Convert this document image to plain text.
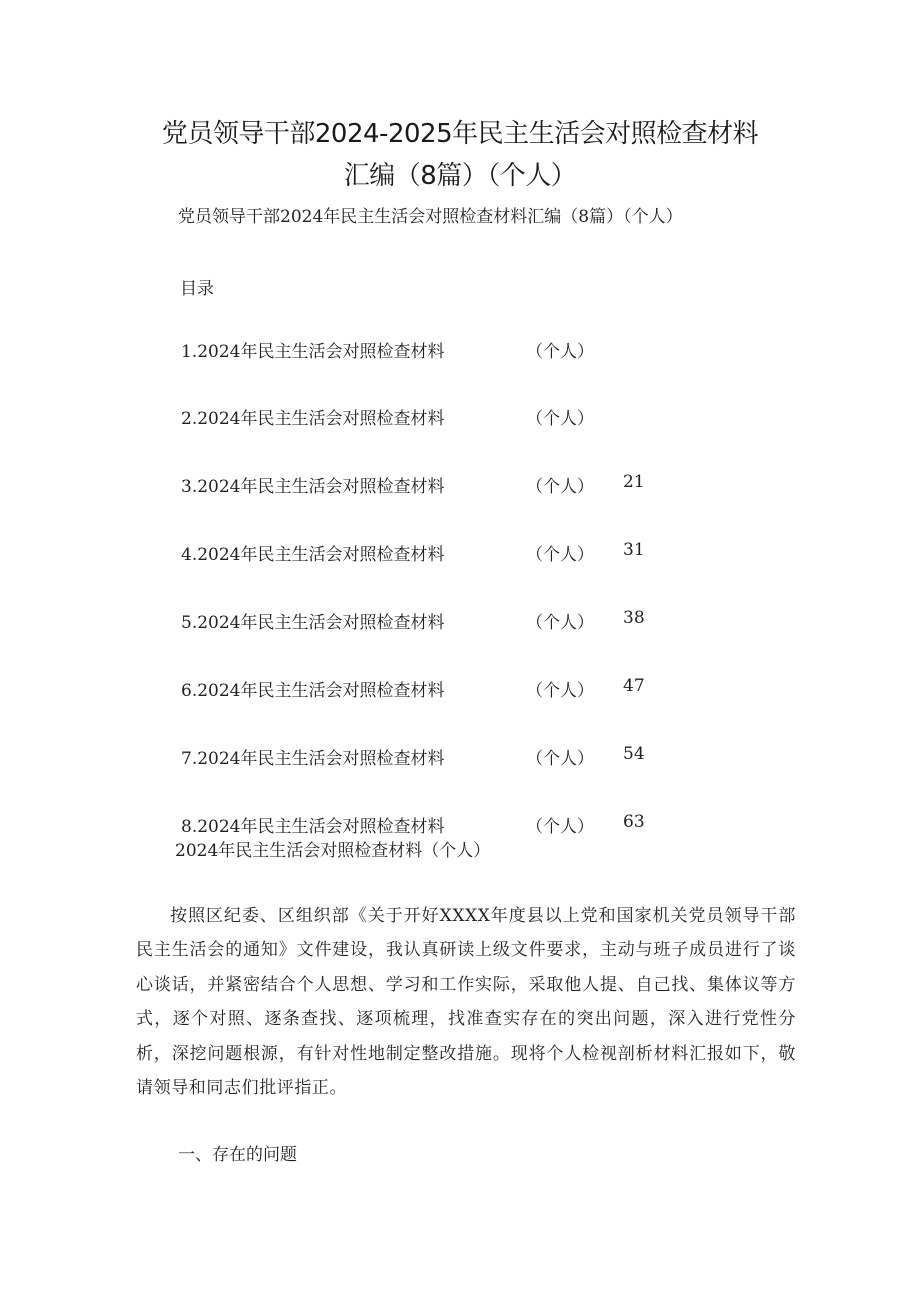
党员领导干部2024-2025年民主生活会对照检查材料
汇编（8篇）（个人）
党员领导干部2024年民主生活会对照检查材料汇编（8篇）（个人）
目录
1.2024年民主生活会对照检查材料	（个人）
2.2024年民主生活会对照检查材料	（个人）
3.2024年民主生活会对照检查材料	（个人） 21
4.2024年民主生活会对照检查材料	（个人） 31
5.2024年民主生活会对照检查材料	（个人） 38
6.2024年民主生活会对照检查材料	（个人） 47
7.2024年民主生活会对照检查材料	（个人） 54
8.2024年民主生活会对照检查材料	（个人） 63
2024年民主生活会对照检查材料（个人）
按照区纪委、区组织部《关于开好XXXX年度县以上党和国家机关党员领导干部民主生活会的通知》文件建设，我认真研读上级文件要求，主动与班子成员进行了谈心谈话，并紧密结合个人思想、学习和工作实际，采取他人提、自己找、集体议等方式，逐个对照、逐条查找、逐项梳理，找准查实存在的突出问题，深入进行党性分析，深挖问题根源，有针对性地制定整改措施。现将个人检视剖析材料汇报如下，敬请领导和同志们批评指正。
一、存在的问题
